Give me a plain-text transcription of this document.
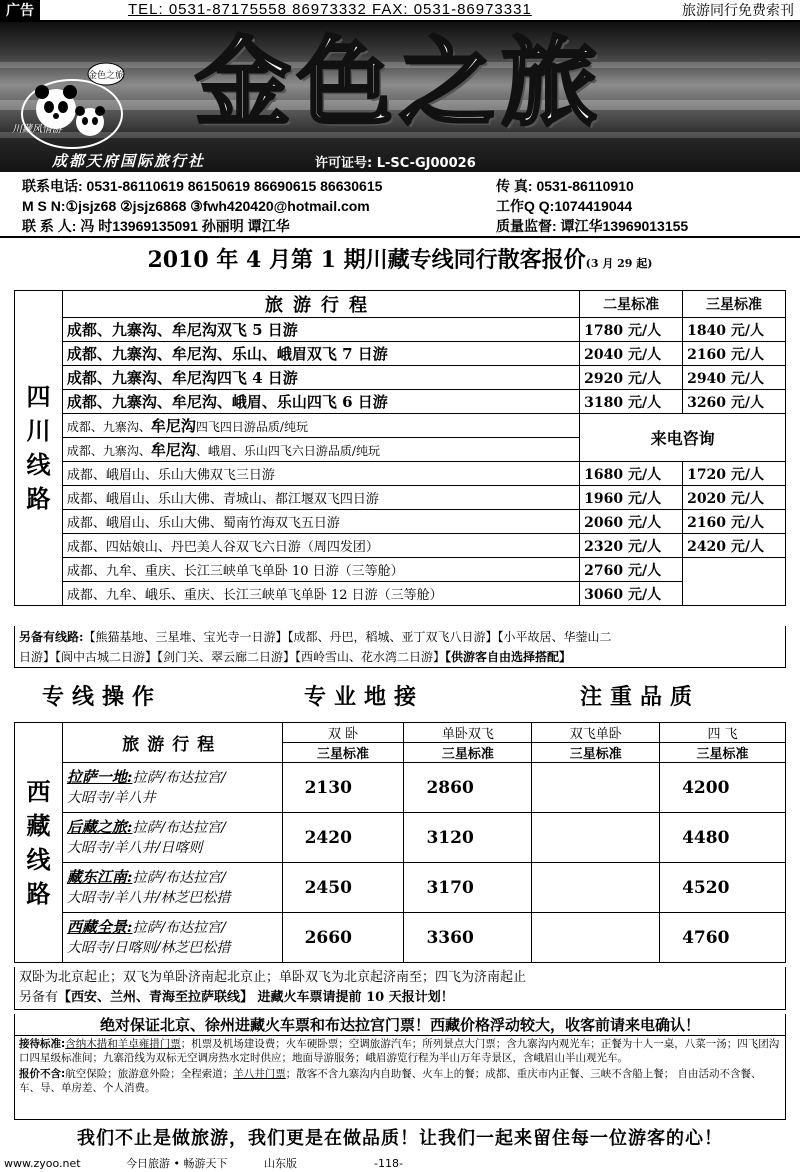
广告	TEL: 0531-87175558 86973332 FAX: 0531-86973331	旅游同行免费索刊
金色之旅
川藏风情游 金色之旅
成都天府国际旅行社	许可证号: L-SC-GJ00026
联系电话: 0531-86110619 86150619 86690615 86630615	传 真: 0531-86110910
M S N:①jsjz68 ②jsjz6868 ③fwh420420@hotmail.com	工作Q Q:1074419044
联 系 人: 冯 时13969135091 孙丽明 谭江华	质量监督: 谭江华13969013155
2010 年 4 月第 1 期川藏专线同行散客报价(3 月 29 起)
四
川
线
路	旅游行程	二星标准	三星标准
	成都、九寨沟、牟尼沟双飞 5 日游	1780 元/人	1840 元/人
	成都、九寨沟、牟尼沟、乐山、峨眉双飞 7 日游	2040 元/人	2160 元/人
	成都、九寨沟、牟尼沟四飞 4 日游	2920 元/人	2940 元/人
	成都、九寨沟、牟尼沟、峨眉、乐山四飞 6 日游	3180 元/人	3260 元/人
	成都、九寨沟、牟尼沟四飞四日游品质/纯玩	来电咨询	
	成都、九寨沟、牟尼沟、峨眉、乐山四飞六日游品质/纯玩		
	成都、峨眉山、乐山大佛双飞三日游	1680 元/人	1720 元/人
	成都、峨眉山、乐山大佛、青城山、都江堰双飞四日游	1960 元/人	2020 元/人
	成都、峨眉山、乐山大佛、蜀南竹海双飞五日游	2060 元/人	2160 元/人
	成都、四姑娘山、丹巴美人谷双飞六日游（周四发团）	2320 元/人	2420 元/人
	成都、九牟、重庆、长江三峡单飞单卧 10 日游（三等舱）	2760 元/人	
	成都、九牟、峨乐、重庆、长江三峡单飞单卧 12 日游（三等舱）	3060 元/人	
另备有线路:【熊猫基地、三星堆、宝光寺一日游】【成都、丹巴，稻城、亚丁双飞八日游】【小平故居、华蓥山二
日游】【阆中古城二日游】【剑门关、翠云廊二日游】【西岭雪山、花水湾二日游】【供游客自由选择搭配】
专线操作	专业地接	注重品质
西
藏
线
路	旅游行程	双 卧	单卧双飞	双飞单卧	四 飞
		三星标准	三星标准	三星标准	三星标准
	拉萨一地:拉萨/布达拉宫/
大昭寺/羊八井	2130	2860		4200
	后藏之旅:拉萨/布达拉宫/
大昭寺/羊八井/日喀则	2420	3120		4480
	藏东江南:拉萨/布达拉宫/
大昭寺/羊八井/林芝巴松措	2450	3170		4520
	西藏全景:拉萨/布达拉宫/
大昭寺/日喀则/林芝巴松措	2660	3360		4760
双卧为北京起止；双飞为单卧济南起北京止；单卧双飞为北京起济南至；四飞为济南起止
另备有【西安、兰州、青海至拉萨联线】 进藏火车票请提前 10 天报计划！
绝对保证北京、徐州进藏火车票和布达拉宫门票！西藏价格浮动较大，收客前请来电确认！
接待标准:含纳木措和羊卓雍措门票；机票及机场建设费；火车硬卧票；空调旅游汽车；所列景点大门票；含九寨沟内观光车；正餐为十人一桌，八菜一汤；四飞团沟口四星级标准间；九寨沿线为双标无空调房热水定时供应；地面导游服务；峨眉游览行程为半山万年寺景区，含峨眉山半山观光车。
报价不含:航空保险；旅游意外险；全程索道；羊八井门票；散客不含九寨沟内自助餐、火车上的餐；成都、重庆市内正餐、三峡不含船上餐； 自由活动不含餐、车、导、单房差、个人消费。
我们不止是做旅游，我们更是在做品质！让我们一起来留住每一位游客的心！
www.zyoo.net	今日旅游 • 畅游天下	山东版	-118-
